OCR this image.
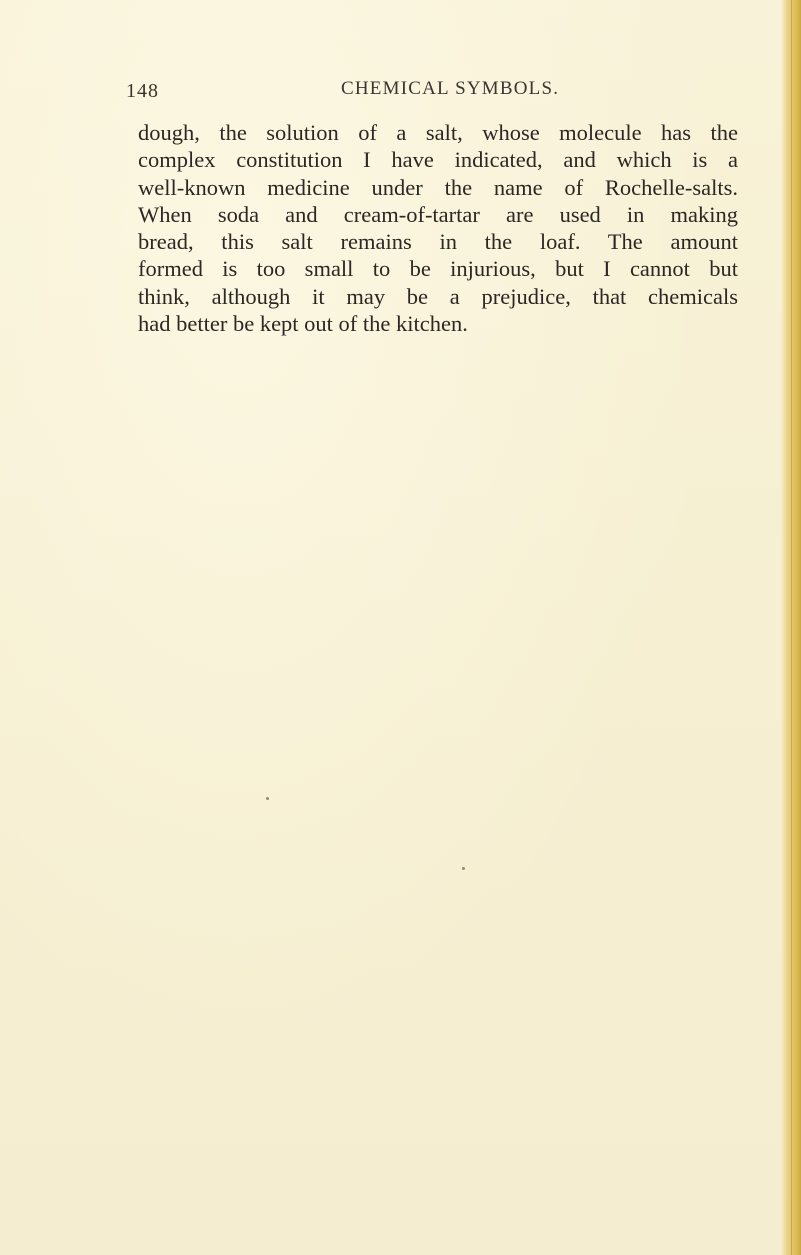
148	CHEMICAL SYMBOLS.
dough, the solution of a salt, whose molecule has the
complex constitution I have indicated, and which is a
well-known medicine under the name of Rochelle-salts.
When soda and cream-of-tartar are used in making
bread, this salt remains in the loaf. The amount
formed is too small to be injurious, but I cannot but
think, although it may be a prejudice, that chemicals
had better be kept out of the kitchen.
